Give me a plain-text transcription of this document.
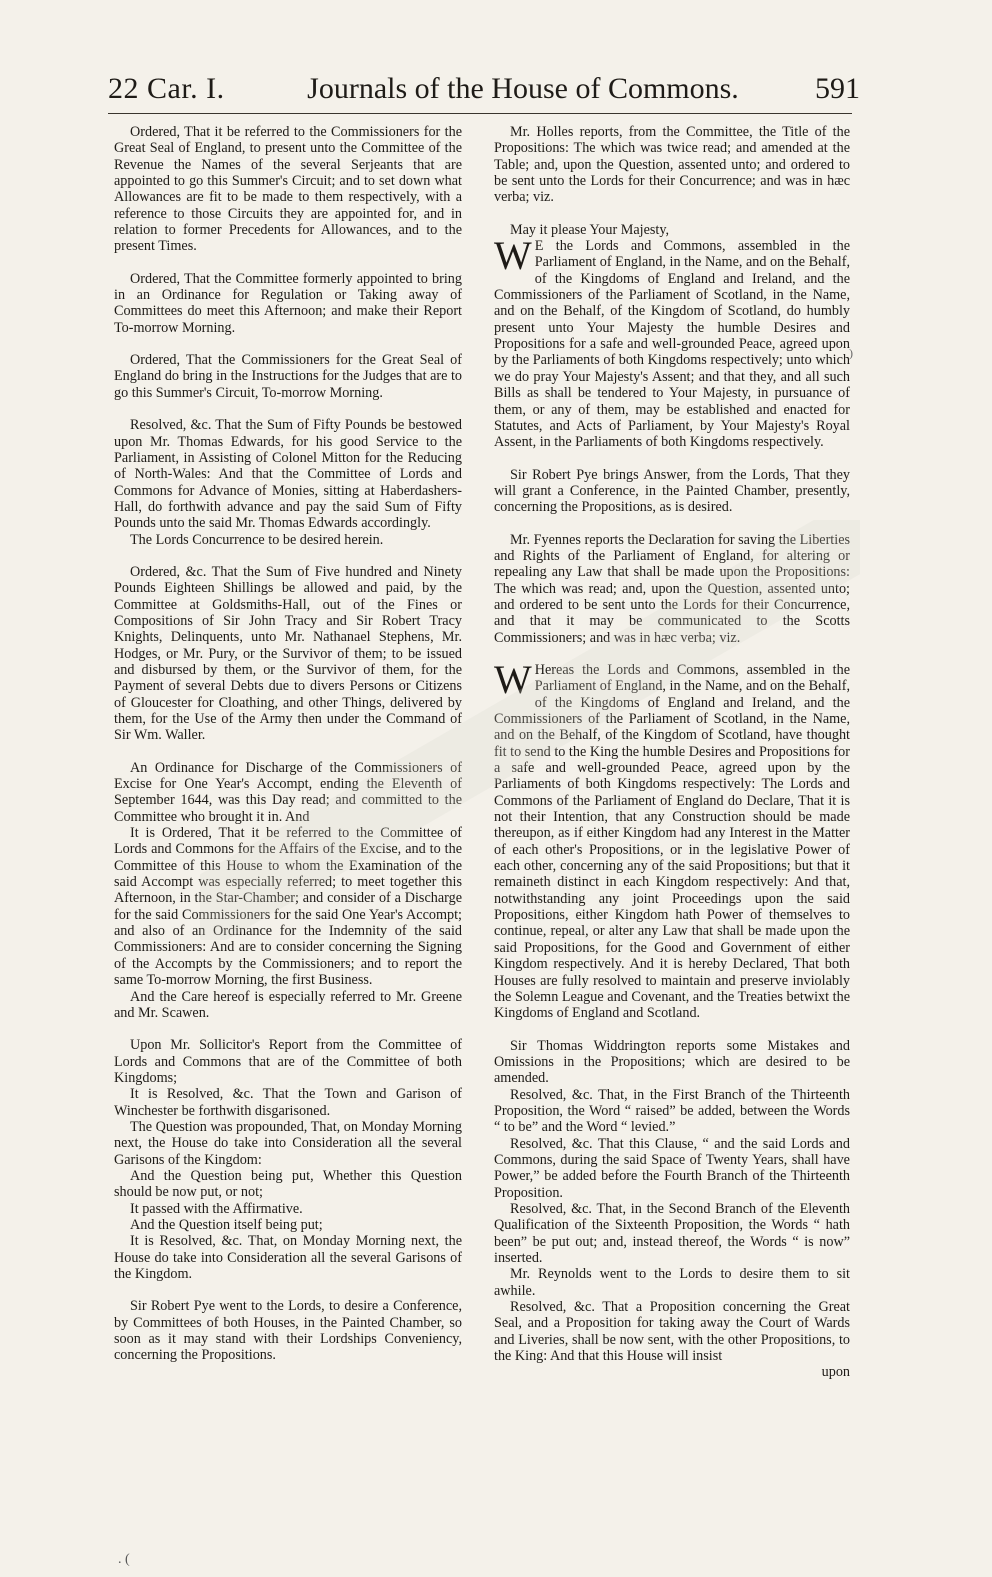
22 Car. I.	Journals of the House of Commons.	591

Ordered, That it be referred to the Commissioners for the Great Seal of England, to present unto the Committee of the Revenue the Names of the several Serjeants that are appointed to go this Summer's Circuit; and to set down what Allowances are fit to be made to them respectively, with a reference to those Circuits they are appointed for, and in relation to former Precedents for Allowances, and to the present Times.

Ordered, That the Committee formerly appointed to bring in an Ordinance for Regulation or Taking away of Committees do meet this Afternoon; and make their Report To-morrow Morning.

Ordered, That the Commissioners for the Great Seal of England do bring in the Instructions for the Judges that are to go this Summer's Circuit, To-morrow Morning.

Resolved, &c. That the Sum of Fifty Pounds be bestowed upon Mr. Thomas Edwards, for his good Service to the Parliament, in Assisting of Colonel Mitton for the Reducing of North-Wales: And that the Committee of Lords and Commons for Advance of Monies, sitting at Haberdashers-Hall, do forthwith advance and pay the said Sum of Fifty Pounds unto the said Mr. Thomas Edwards accordingly.

The Lords Concurrence to be desired herein.

Ordered, &c. That the Sum of Five hundred and Ninety Pounds Eighteen Shillings be allowed and paid, by the Committee at Goldsmiths-Hall, out of the Fines or Compositions of Sir John Tracy and Sir Robert Tracy Knights, Delinquents, unto Mr. Nathanael Stephens, Mr. Hodges, or Mr. Pury, or the Survivor of them; to be issued and disbursed by them, or the Survivor of them, for the Payment of several Debts due to divers Persons or Citizens of Gloucester for Cloathing, and other Things, delivered by them, for the Use of the Army then under the Command of Sir Wm. Waller.

An Ordinance for Discharge of the Commissioners of Excise for One Year's Accompt, ending the Eleventh of September 1644, was this Day read; and committed to the Committee who brought it in. And

It is Ordered, That it be referred to the Committee of Lords and Commons for the Affairs of the Excise, and to the Committee of this House to whom the Examination of the said Accompt was especially referred; to meet together this Afternoon, in the Star-Chamber; and consider of a Discharge for the said Commissioners for the said One Year's Accompt; and also of an Ordinance for the Indemnity of the said Commissioners: And are to consider concerning the Signing of the Accompts by the Commissioners; and to report the same To-morrow Morning, the first Business.

And the Care hereof is especially referred to Mr. Greene and Mr. Scawen.

Upon Mr. Sollicitor's Report from the Committee of Lords and Commons that are of the Committee of both Kingdoms;

It is Resolved, &c. That the Town and Garison of Winchester be forthwith disgarisoned.

The Question was propounded, That, on Monday Morning next, the House do take into Consideration all the several Garisons of the Kingdom:

And the Question being put, Whether this Question should be now put, or not;

It passed with the Affirmative.

And the Question itself being put;

It is Resolved, &c. That, on Monday Morning next, the House do take into Consideration all the several Garisons of the Kingdom.

Sir Robert Pye went to the Lords, to desire a Conference, by Committees of both Houses, in the Painted Chamber, so soon as it may stand with their Lordships Conveniency, concerning the Propositions.

Mr. Holles reports, from the Committee, the Title of the Propositions: The which was twice read; and amended at the Table; and, upon the Question, assented unto; and ordered to be sent unto the Lords for their Concurrence; and was in hæc verba; viz.

May it please Your Majesty,

W E the Lords and Commons, assembled in the Parliament of England, in the Name, and on the Behalf, of the Kingdoms of England and Ireland, and the Commissioners of the Parliament of Scotland, in the Name, and on the Behalf, of the Kingdom of Scotland, do humbly present unto Your Majesty the humble Desires and Propositions for a safe and well-grounded Peace, agreed upon by the Parliaments of both Kingdoms respectively; unto which we do pray Your Majesty's Assent; and that they, and all such Bills as shall be tendered to Your Majesty, in pursuance of them, or any of them, may be established and enacted for Statutes, and Acts of Parliament, by Your Majesty's Royal Assent, in the Parliaments of both Kingdoms respectively.

Sir Robert Pye brings Answer, from the Lords, That they will grant a Conference, in the Painted Chamber, presently, concerning the Propositions, as is desired.

Mr. Fyennes reports the Declaration for saving the Liberties and Rights of the Parliament of England, for altering or repealing any Law that shall be made upon the Propositions: The which was read; and, upon the Question, assented unto; and ordered to be sent unto the Lords for their Concurrence, and that it may be communicated to the Scotts Commissioners; and was in hæc verba; viz.

W Hereas the Lords and Commons, assembled in the Parliament of England, in the Name, and on the Behalf, of the Kingdoms of England and Ireland, and the Commissioners of the Parliament of Scotland, in the Name, and on the Behalf, of the Kingdom of Scotland, have thought fit to send to the King the humble Desires and Propositions for a safe and well-grounded Peace, agreed upon by the Parliaments of both Kingdoms respectively: The Lords and Commons of the Parliament of England do Declare, That it is not their Intention, that any Construction should be made thereupon, as if either Kingdom had any Interest in the Matter of each other's Propositions, or in the legislative Power of each other, concerning any of the said Propositions; but that it remaineth distinct in each Kingdom respectively: And that, notwithstanding any joint Proceedings upon the said Propositions, either Kingdom hath Power of themselves to continue, repeal, or alter any Law that shall be made upon the said Propositions, for the Good and Government of either Kingdom respectively. And it is hereby Declared, That both Houses are fully resolved to maintain and preserve inviolably the Solemn League and Covenant, and the Treaties betwixt the Kingdoms of England and Scotland.

Sir Thomas Widdrington reports some Mistakes and Omissions in the Propositions; which are desired to be amended.

Resolved, &c. That, in the First Branch of the Thirteenth Proposition, the Word “ raised” be added, between the Words “ to be” and the Word “ levied.”

Resolved, &c. That this Clause, “ and the said Lords and Commons, during the said Space of Twenty Years, shall have Power,” be added before the Fourth Branch of the Thirteenth Proposition.

Resolved, &c. That, in the Second Branch of the Eleventh Qualification of the Sixteenth Proposition, the Words “ hath been” be put out; and, instead thereof, the Words “ is now” inserted.

Mr. Reynolds went to the Lords to desire them to sit awhile.

Resolved, &c. That a Proposition concerning the Great Seal, and a Proposition for taking away the Court of Wards and Liveries, shall be now sent, with the other Propositions, to the King: And that this House will insist

upon

)
. (
